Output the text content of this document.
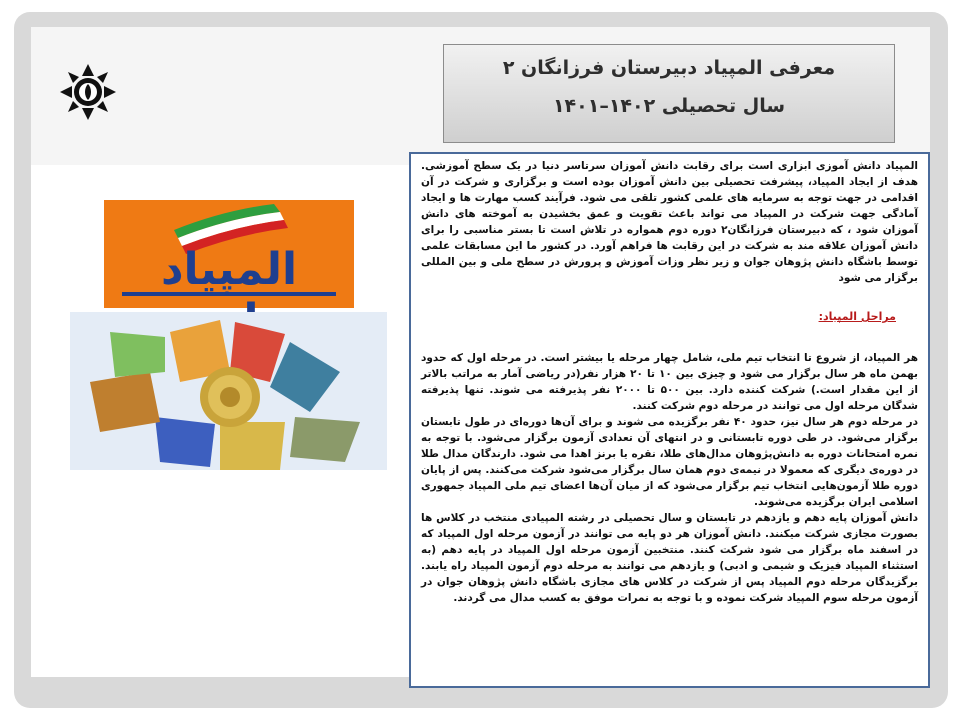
معرفی المپیاد دبیرستان فرزانگان ۲
سال تحصیلی ۱۴۰۲–۱۴۰۱
المپیاد
المپیاد دانش آموزی ابزاری است برای رقابت دانش آموزان سرتاسر دنیا در یک سطح آموزشی. هدف از ایجاد المپیاد، پیشرفت تحصیلی بین دانش آموزان بوده است و برگزاری و شرکت در آن اقدامی در جهت توجه به سرمایه های علمی کشور تلقی می شود. فرآیند کسب مهارت ها و ایجاد آمادگی جهت شرکت در المپیاد می تواند باعث تقویت و عمق بخشیدن به آموخته های دانش آموزان شود ، که دبیرستان فرزانگان۲ دوره دوم همواره در تلاش است تا بستر مناسبی را برای دانش آموزان علاقه مند به شرکت در این رقابت ها فراهم آورد. در کشور ما این مسابقات علمی توسط باشگاه دانش پژوهان جوان و زیر نظر وزات آموزش و پرورش در سطح ملی و بین المللی برگزار می شود
مراحل المپیاد:
هر المپیاد، از شروع تا انتخاب تیم ملی، شامل چهار مرحله یا بیشتر است. در مرحله اول که حدود بهمن ماه هر سال برگزار می شود و چیزی بین ۱۰ تا ۲۰ هزار نفر(در ریاضی آمار به مراتب بالاتر از این مقدار است.) شرکت کننده دارد. بین ۵۰۰ تا ۲۰۰۰ نفر پذیرفته می شوند. تنها پذیرفته شدگان مرحله اول می توانند در مرحله دوم شرکت کنند.
در مرحله دوم هر سال نیز، حدود ۴۰ نفر برگزیده می شوند و برای آن‌ها دوره‌ای در طول تابستان برگزار می‌شود. در طی دوره تابستانی و در انتهای آن تعدادی آزمون برگزار می‌شود. با توجه به نمره امتحانات دوره به دانش‌پژوهان مدال‌های طلا، نقره یا برنز اهدا می شود. دارندگان مدال طلا در دوره‌ی دیگری که معمولا در نیمه‌ی دوم همان سال برگزار می‌شود شرکت می‌کنند. پس از پایان دوره طلا آزمون‌هایی انتخاب تیم برگزار می‌شود که از میان آن‌ها اعضای تیم ملی المپیاد جمهوری اسلامی ایران برگزیده می‌شوند.
دانش آموزان پایه دهم و یازدهم در تابستان و سال تحصیلی در رشته المپیادی منتخب در کلاس ها بصورت مجازی شرکت میکنند. دانش آموزان هر دو پایه می توانند در آزمون مرحله اول المپیاد که در اسفند ماه برگزار می شود شرکت کنند. منتخبین آزمون مرحله اول المپیاد در پایه دهم (به استثناء المپیاد فیزیک و شیمی و ادبی) و یازدهم می توانند به مرحله دوم آزمون المپیاد راه یابند. برگزیدگان مرحله دوم المپیاد پس از شرکت در کلاس های مجازی باشگاه دانش پژوهان جوان در آزمون مرحله سوم المپیاد شرکت نموده و با توجه به نمرات موفق به کسب مدال می گردند.
